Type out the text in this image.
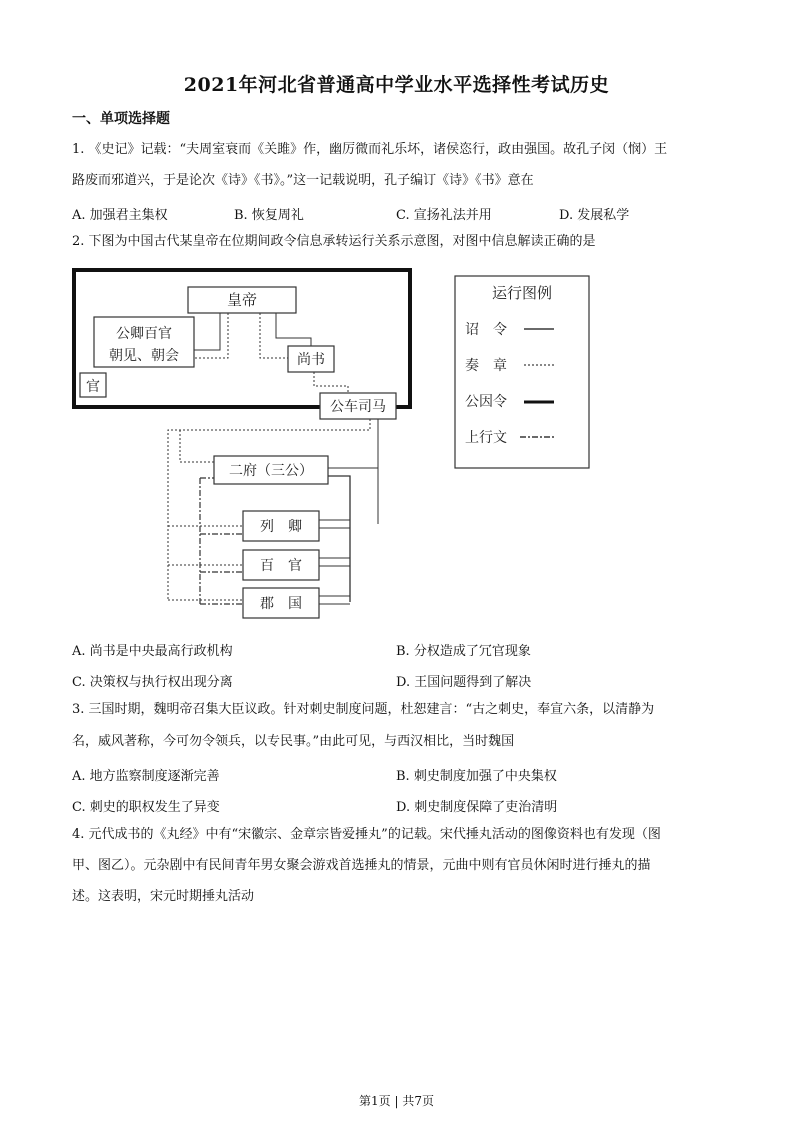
2021年河北省普通高中学业水平选择性考试历史
一、单项选择题
1. 《史记》记载：“夫周室衰而《关雎》作，幽厉微而礼乐坏，诸侯恣行，政由强国。故孔子闵（悯）王
路废而邪道兴，于是论次《诗》《书》。”这一记载说明，孔子编订《诗》《书》意在
A. 加强君主集权	B. 恢复周礼	C. 宣扬礼法并用	D. 发展私学
2. 下图为中国古代某皇帝在位期间政令信息承转运行关系示意图，对图中信息解读正确的是
皇帝
公卿百官
朝见、朝会
官
尚书
公车司马
二府（三公）
列　卿
百　官
郡　国
运行图例
诏　令
奏　章
公因令
上行文
A. 尚书是中央最高行政机构	B. 分权造成了冗官现象
C. 决策权与执行权出现分离	D. 王国问题得到了解决
3. 三国时期，魏明帝召集大臣议政。针对刺史制度问题，杜恕建言：“古之刺史，奉宣六条，以清静为
名，威风著称，今可勿令领兵，以专民事。”由此可见，与西汉相比，当时魏国
A. 地方监察制度逐渐完善	B. 刺史制度加强了中央集权
C. 刺史的职权发生了异变	D. 刺史制度保障了吏治清明
4. 元代成书的《丸经》中有“宋徽宗、金章宗皆爱捶丸”的记载。宋代捶丸活动的图像资料也有发现（图
甲、图乙）。元杂剧中有民间青年男女聚会游戏首选捶丸的情景，元曲中则有官员休闲时进行捶丸的描
述。这表明，宋元时期捶丸活动
第1页 | 共7页
